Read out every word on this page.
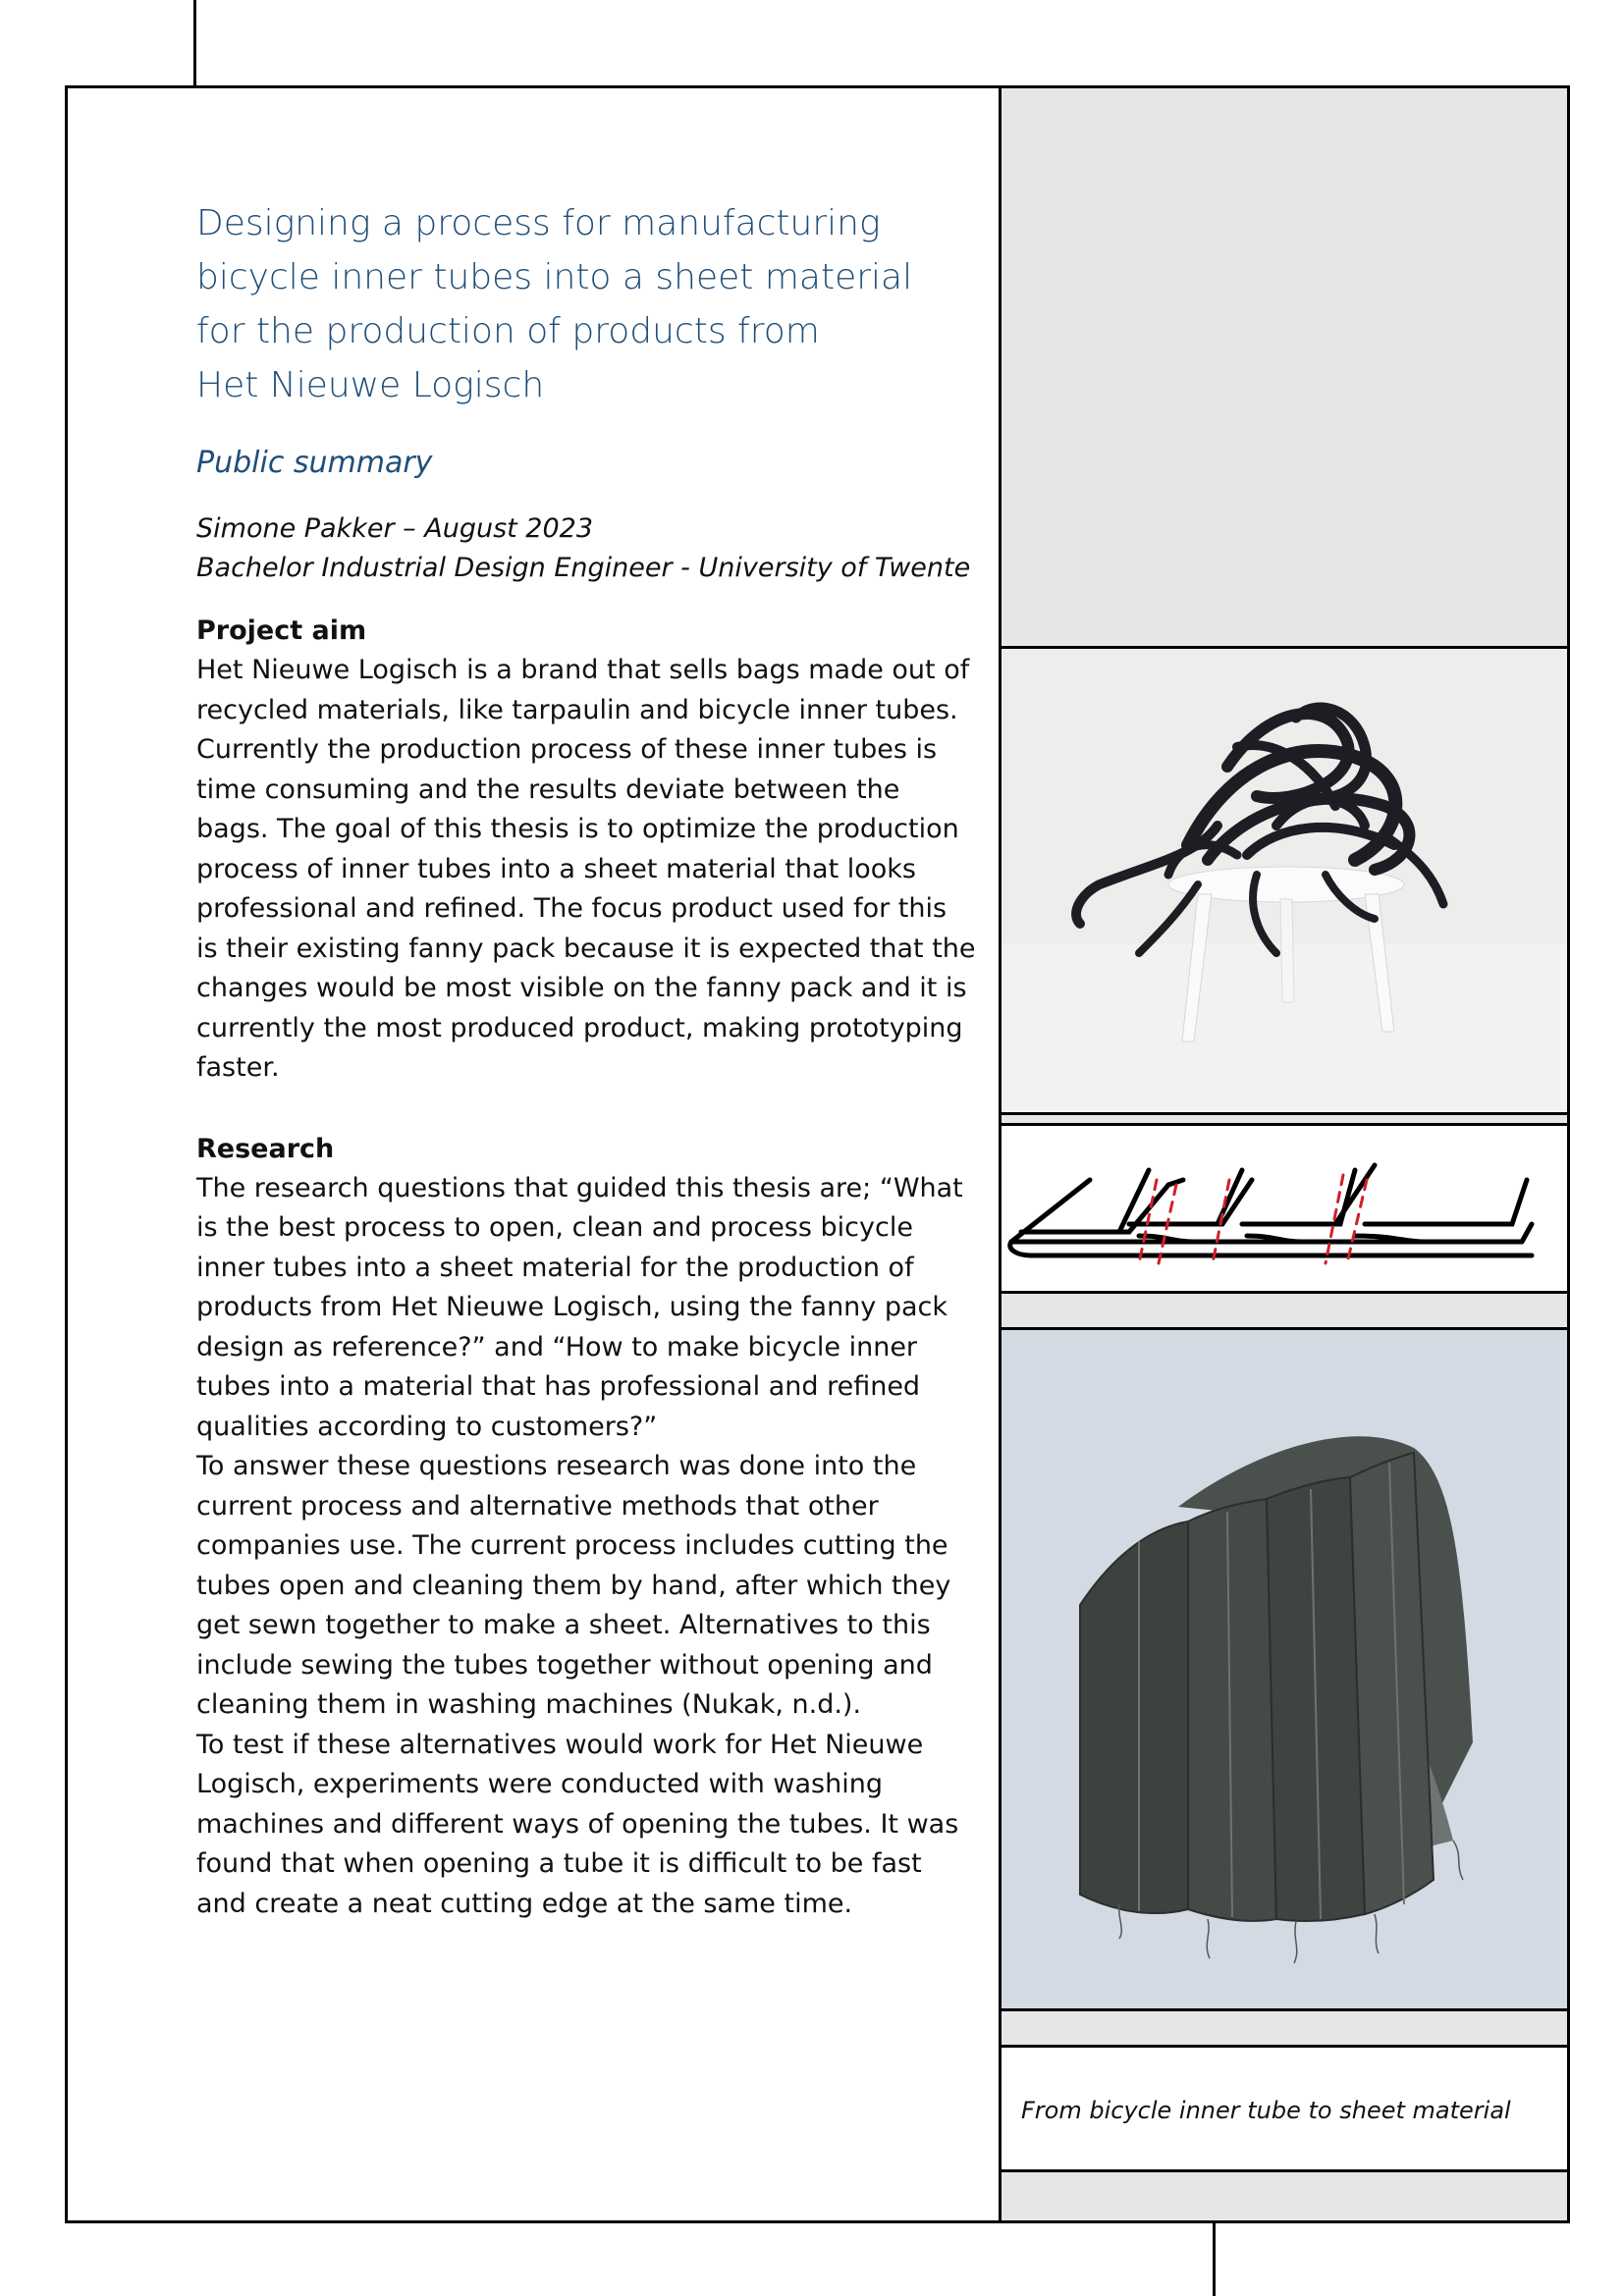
Designing a process for manufacturing
bicycle inner tubes into a sheet material
for the production of products from
Het Nieuwe Logisch
Public summary
Simone Pakker – August 2023
Bachelor Industrial Design Engineer - University of Twente
Project aim
Het Nieuwe Logisch is a brand that sells bags made out of
recycled materials, like tarpaulin and bicycle inner tubes.
Currently the production process of these inner tubes is
time consuming and the results deviate between the
bags. The goal of this thesis is to optimize the production
process of inner tubes into a sheet material that looks
professional and refined. The focus product used for this
is their existing fanny pack because it is expected that the
changes would be most visible on the fanny pack and it is
currently the most produced product, making prototyping
faster.
Research
The research questions that guided this thesis are; “What
is the best process to open, clean and process bicycle
inner tubes into a sheet material for the production of
products from Het Nieuwe Logisch, using the fanny pack
design as reference?” and “How to make bicycle inner
tubes into a material that has professional and refined
qualities according to customers?”
To answer these questions research was done into the
current process and alternative methods that other
companies use. The current process includes cutting the
tubes open and cleaning them by hand, after which they
get sewn together to make a sheet. Alternatives to this
include sewing the tubes together without opening and
cleaning them in washing machines (Nukak, n.d.).
To test if these alternatives would work for Het Nieuwe
Logisch, experiments were conducted with washing
machines and different ways of opening the tubes. It was
found that when opening a tube it is difficult to be fast
and create a neat cutting edge at the same time.
From bicycle inner tube to sheet material
